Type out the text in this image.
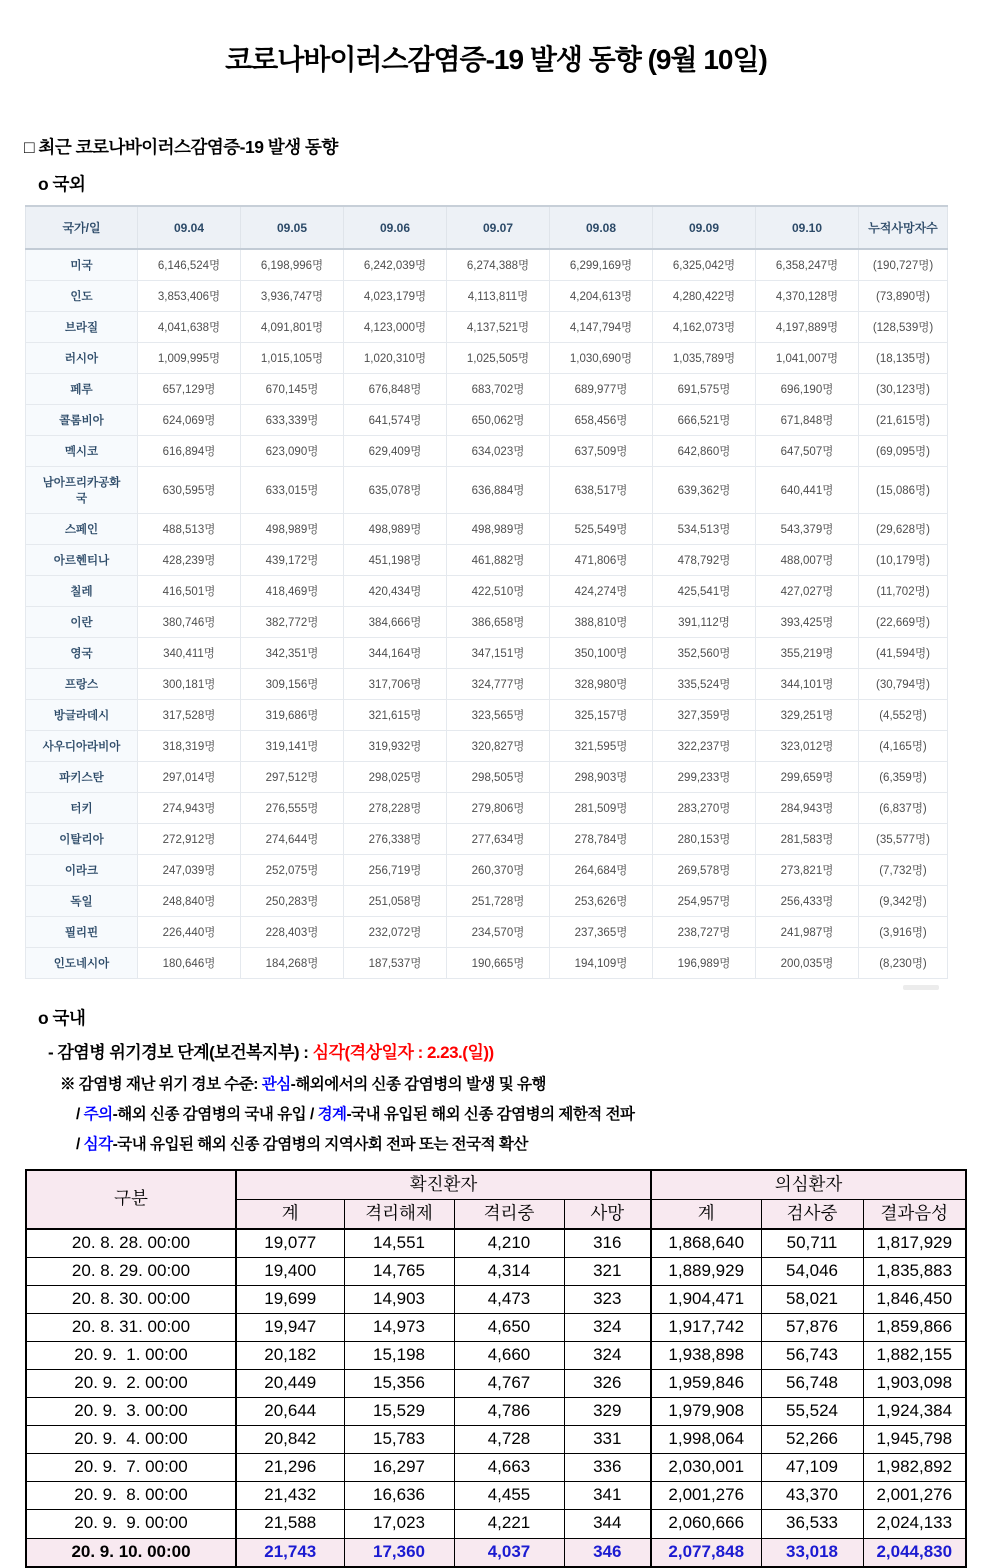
코로나바이러스감염증-19 발생 동향 (9월 10일)
□ 최근 코로나바이러스감염증-19 발생 동향
o 국외
국가/일	09.04	09.05	09.06	09.07	09.08	09.09	09.10	누적사망자수
미국	6,146,524명	6,198,996명	6,242,039명	6,274,388명	6,299,169명	6,325,042명	6,358,247명	(190,727명)
인도	3,853,406명	3,936,747명	4,023,179명	4,113,811명	4,204,613명	4,280,422명	4,370,128명	(73,890명)
브라질	4,041,638명	4,091,801명	4,123,000명	4,137,521명	4,147,794명	4,162,073명	4,197,889명	(128,539명)
러시아	1,009,995명	1,015,105명	1,020,310명	1,025,505명	1,030,690명	1,035,789명	1,041,007명	(18,135명)
페루	657,129명	670,145명	676,848명	683,702명	689,977명	691,575명	696,190명	(30,123명)
콜롬비아	624,069명	633,339명	641,574명	650,062명	658,456명	666,521명	671,848명	(21,615명)
멕시코	616,894명	623,090명	629,409명	634,023명	637,509명	642,860명	647,507명	(69,095명)
남아프리카공화국	630,595명	633,015명	635,078명	636,884명	638,517명	639,362명	640,441명	(15,086명)
스페인	488,513명	498,989명	498,989명	498,989명	525,549명	534,513명	543,379명	(29,628명)
아르헨티나	428,239명	439,172명	451,198명	461,882명	471,806명	478,792명	488,007명	(10,179명)
칠레	416,501명	418,469명	420,434명	422,510명	424,274명	425,541명	427,027명	(11,702명)
이란	380,746명	382,772명	384,666명	386,658명	388,810명	391,112명	393,425명	(22,669명)
영국	340,411명	342,351명	344,164명	347,151명	350,100명	352,560명	355,219명	(41,594명)
프랑스	300,181명	309,156명	317,706명	324,777명	328,980명	335,524명	344,101명	(30,794명)
방글라데시	317,528명	319,686명	321,615명	323,565명	325,157명	327,359명	329,251명	(4,552명)
사우디아라비아	318,319명	319,141명	319,932명	320,827명	321,595명	322,237명	323,012명	(4,165명)
파키스탄	297,014명	297,512명	298,025명	298,505명	298,903명	299,233명	299,659명	(6,359명)
터키	274,943명	276,555명	278,228명	279,806명	281,509명	283,270명	284,943명	(6,837명)
이탈리아	272,912명	274,644명	276,338명	277,634명	278,784명	280,153명	281,583명	(35,577명)
이라크	247,039명	252,075명	256,719명	260,370명	264,684명	269,578명	273,821명	(7,732명)
독일	248,840명	250,283명	251,058명	251,728명	253,626명	254,957명	256,433명	(9,342명)
필리핀	226,440명	228,403명	232,072명	234,570명	237,365명	238,727명	241,987명	(3,916명)
인도네시아	180,646명	184,268명	187,537명	190,665명	194,109명	196,989명	200,035명	(8,230명)
o 국내
- 감염병 위기경보 단계(보건복지부) : 심각(격상일자 : 2.23.(일))
※ 감염병 재난 위기 경보 수준: 관심-해외에서의 신종 감염병의 발생 및 유행
/ 주의-해외 신종 감염병의 국내 유입 / 경계-국내 유입된 해외 신종 감염병의 제한적 전파
/ 심각-국내 유입된 해외 신종 감염병의 지역사회 전파 또는 전국적 확산
구분	확진환자				의심환자		
	계	격리해제	격리중	사망	계	검사중	결과음성
20. 8. 28. 00:00	19,077	14,551	4,210	316	1,868,640	50,711	1,817,929
20. 8. 29. 00:00	19,400	14,765	4,314	321	1,889,929	54,046	1,835,883
20. 8. 30. 00:00	19,699	14,903	4,473	323	1,904,471	58,021	1,846,450
20. 8. 31. 00:00	19,947	14,973	4,650	324	1,917,742	57,876	1,859,866
20. 9.  1. 00:00	20,182	15,198	4,660	324	1,938,898	56,743	1,882,155
20. 9.  2. 00:00	20,449	15,356	4,767	326	1,959,846	56,748	1,903,098
20. 9.  3. 00:00	20,644	15,529	4,786	329	1,979,908	55,524	1,924,384
20. 9.  4. 00:00	20,842	15,783	4,728	331	1,998,064	52,266	1,945,798
20. 9.  7. 00:00	21,296	16,297	4,663	336	2,030,001	47,109	1,982,892
20. 9.  8. 00:00	21,432	16,636	4,455	341	2,001,276	43,370	2,001,276
20. 9.  9. 00:00	21,588	17,023	4,221	344	2,060,666	36,533	2,024,133
20. 9. 10. 00:00	21,743	17,360	4,037	346	2,077,848	33,018	2,044,830
